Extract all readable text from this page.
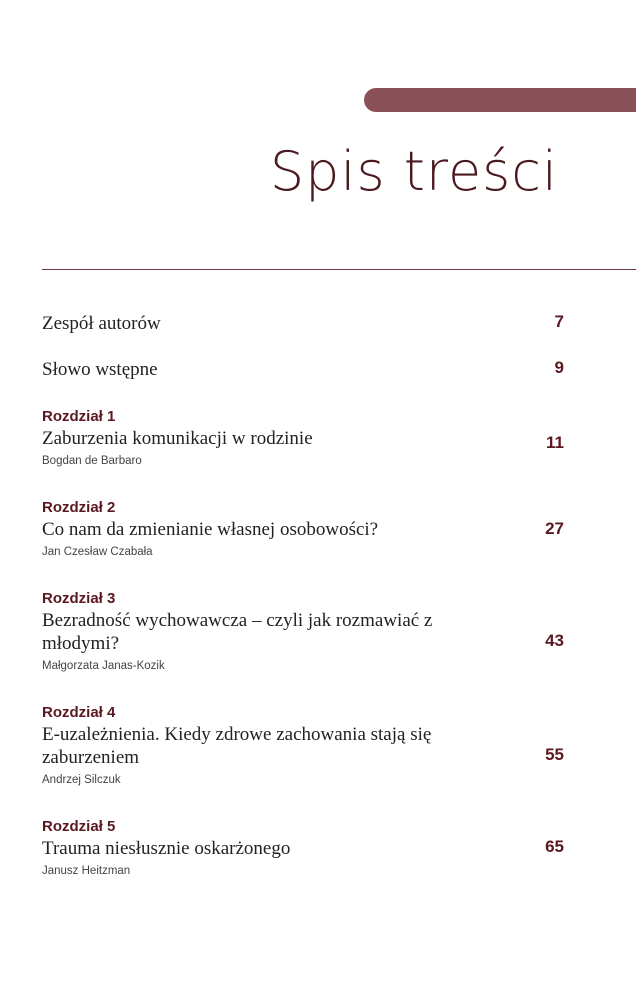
Spis treści
Zespół autorów	7
Słowo wstępne	9
Rozdział 1
Zaburzenia komunikacji w rodzinie
Bogdan de Barbaro
11
Rozdział 2
Co nam da zmienianie własnej osobowości?
Jan Czesław Czabała
27
Rozdział 3
Bezradność wychowawcza – czyli jak rozmawiać z młodymi?
Małgorzata Janas-Kozik
43
Rozdział 4
E-uzależnienia. Kiedy zdrowe zachowania stają się zaburzeniem
Andrzej Silczuk
55
Rozdział 5
Trauma niesłusznie oskarżonego
Janusz Heitzman
65
